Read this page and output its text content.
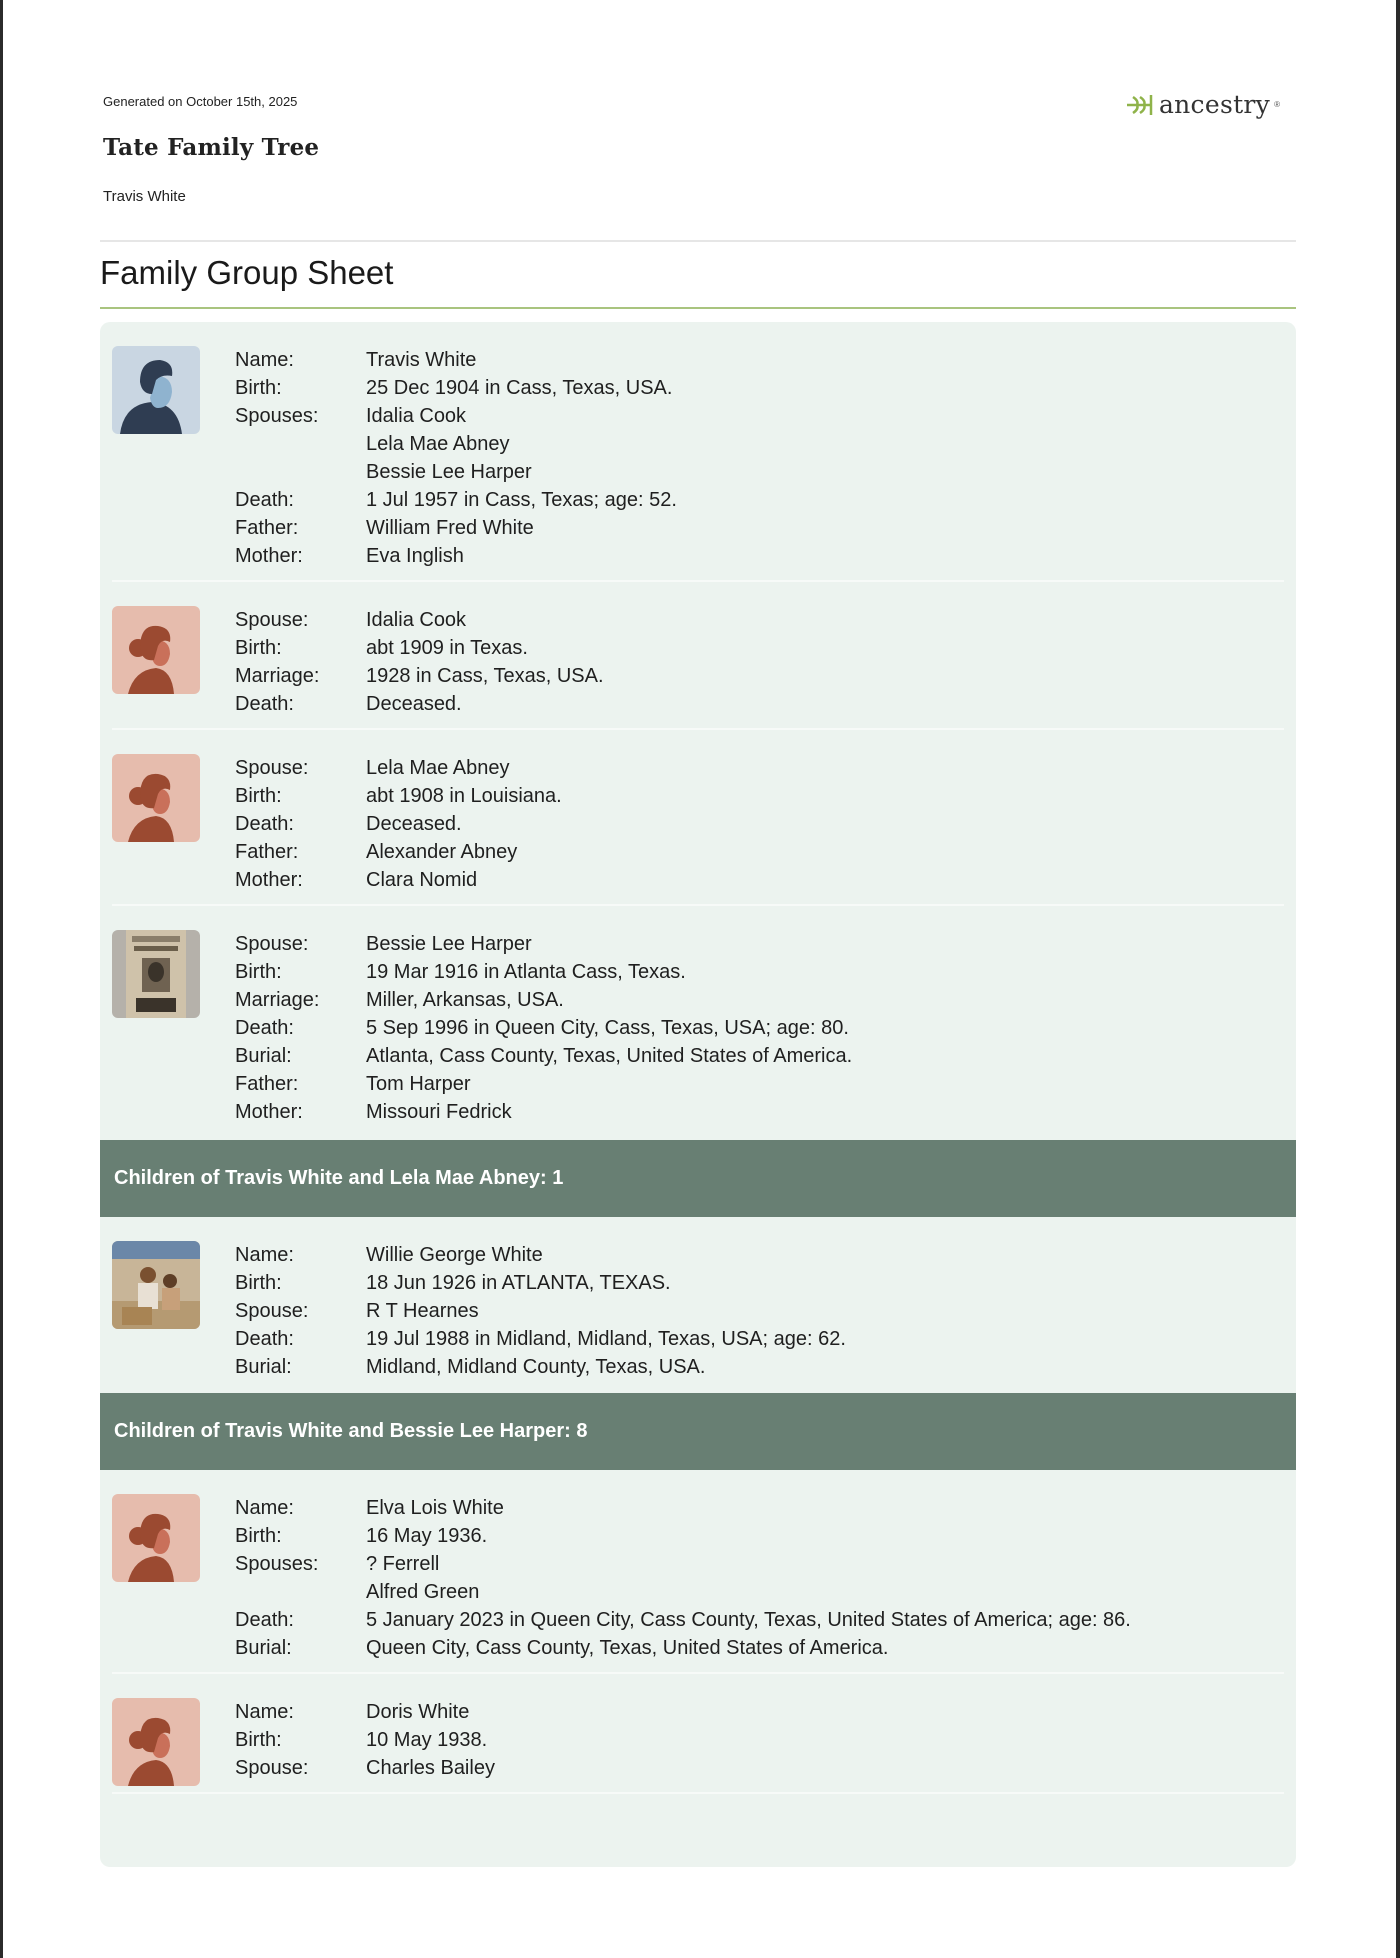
Generated on October 15th, 2025
Tate Family Tree
Travis White
ancestry ®
Family Group Sheet
Name:	Travis White
Birth:	25 Dec 1904 in Cass, Texas, USA.
Spouses:	Idalia Cook
Lela Mae Abney
Bessie Lee Harper
Death:	1 Jul 1957 in Cass, Texas; age: 52.
Father:	William Fred White
Mother:	Eva Inglish
Spouse:	Idalia Cook
Birth:	abt 1909 in Texas.
Marriage:	1928 in Cass, Texas, USA.
Death:	Deceased.
Spouse:	Lela Mae Abney
Birth:	abt 1908 in Louisiana.
Death:	Deceased.
Father:	Alexander Abney
Mother:	Clara Nomid
Spouse:	Bessie Lee Harper
Birth:	19 Mar 1916 in Atlanta Cass, Texas.
Marriage:	Miller, Arkansas, USA.
Death:	5 Sep 1996 in Queen City, Cass, Texas, USA; age: 80.
Burial:	Atlanta, Cass County, Texas, United States of America.
Father:	Tom Harper
Mother:	Missouri Fedrick
Children of Travis White and Lela Mae Abney: 1
Name:	Willie George White
Birth:	18 Jun 1926 in ATLANTA, TEXAS.
Spouse:	R T Hearnes
Death:	19 Jul 1988 in Midland, Midland, Texas, USA; age: 62.
Burial:	Midland, Midland County, Texas, USA.
Children of Travis White and Bessie Lee Harper: 8
Name:	Elva Lois White
Birth:	16 May 1936.
Spouses:	? Ferrell
Alfred Green
Death:	5 January 2023 in Queen City, Cass County, Texas, United States of America; age: 86.
Burial:	Queen City, Cass County, Texas, United States of America.
Name:	Doris White
Birth:	10 May 1938.
Spouse:	Charles Bailey
